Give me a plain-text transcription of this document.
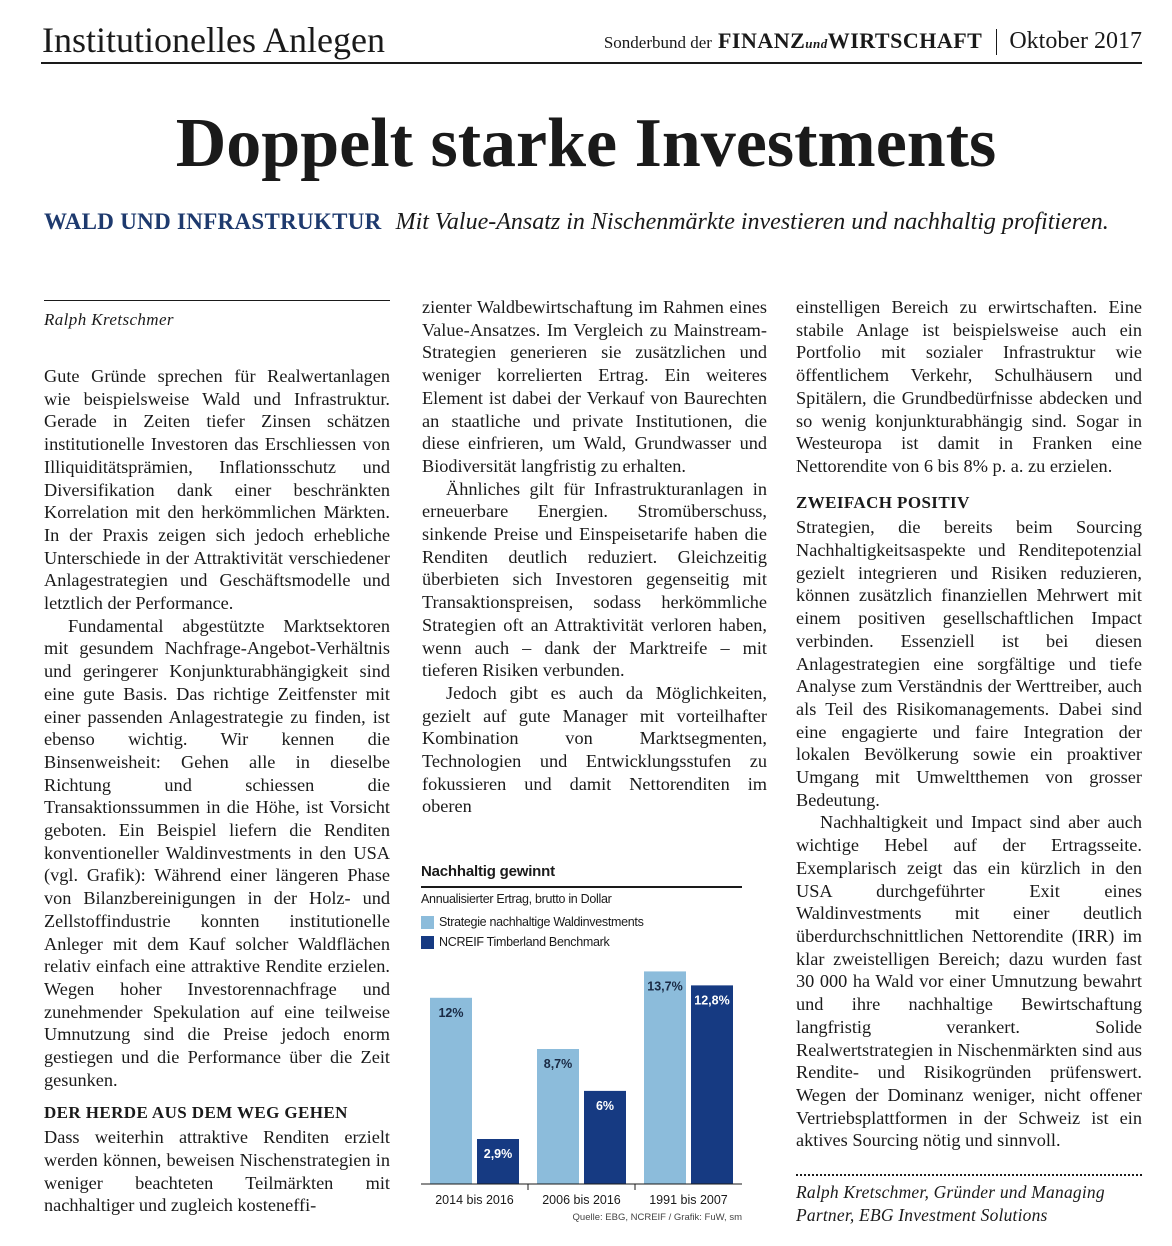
Institutionelles Anlegen	Sonderbund der FINANZundWIRTSCHAFT Oktober 2017
Doppelt starke Investments
WALD UND INFRASTRUKTUR Mit Value-Ansatz in Nischenmärkte investieren und nachhaltig profitieren.
Ralph Kretschmer

Gute Gründe sprechen für Realwertanlagen wie beispielsweise Wald und Infrastruktur. Gerade in Zeiten tiefer Zinsen schätzen institutionelle Investoren das Erschliessen von Illiquiditätsprämien, Inflationsschutz und Diversifikation dank einer beschränkten Korrelation mit den herkömmlichen Märkten. In der Praxis zeigen sich jedoch erhebliche Unterschiede in der Attraktivität verschiedener Anlagestrategien und Geschäftsmodelle und letztlich der Performance.

Fundamental abgestützte Marktsektoren mit gesundem Nachfrage-Angebot-Verhältnis und geringerer Konjunkturabhängigkeit sind eine gute Basis. Das richtige Zeitfenster mit einer passenden Anlagestrategie zu finden, ist ebenso wichtig. Wir kennen die Binsenweisheit: Gehen alle in dieselbe Richtung und schiessen die Transaktionssummen in die Höhe, ist Vorsicht geboten. Ein Beispiel liefern die Renditen konventioneller Waldinvestments in den USA (vgl. Grafik): Während einer längeren Phase von Bilanzbereinigungen in der Holz- und Zellstoffindustrie konnten institutionelle Anleger mit dem Kauf solcher Waldflächen relativ einfach eine attraktive Rendite erzielen. Wegen hoher Investorennachfrage und zunehmender Spekulation auf eine teilweise Umnutzung sind die Preise jedoch enorm gestiegen und die Performance über die Zeit gesunken.

DER HERDE AUS DEM WEG GEHEN

Dass weiterhin attraktive Renditen erzielt werden können, beweisen Nischenstrategien in weniger beachteten Teilmärkten mit nachhaltiger und zugleich kosteneffi-

zienter Waldbewirtschaftung im Rahmen eines Value-Ansatzes. Im Vergleich zu Mainstream-Strategien generieren sie zusätzlichen und weniger korrelierten Ertrag. Ein weiteres Element ist dabei der Verkauf von Baurechten an staatliche und private Institutionen, die diese einfrieren, um Wald, Grundwasser und Biodiversität langfristig zu erhalten.

Ähnliches gilt für Infrastrukturanlagen in erneuerbare Energien. Stromüberschuss, sinkende Preise und Einspeisetarife haben die Renditen deutlich reduziert. Gleichzeitig überbieten sich Investoren gegenseitig mit Transaktionspreisen, sodass herkömmliche Strategien oft an Attraktivität verloren haben, wenn auch – dank der Marktreife – mit tieferen Risiken verbunden.

Jedoch gibt es auch da Möglichkeiten, gezielt auf gute Manager mit vorteilhafter Kombination von Marktsegmenten, Technologien und Entwicklungsstufen zu fokussieren und damit Nettorenditen im oberen

einstelligen Bereich zu erwirtschaften. Eine stabile Anlage ist beispielsweise auch ein Portfolio mit sozialer Infrastruktur wie öffentlichem Verkehr, Schulhäusern und Spitälern, die Grundbedürfnisse abdecken und so wenig konjunkturabhängig sind. Sogar in Westeuropa ist damit in Franken eine Nettorendite von 6 bis 8% p. a. zu erzielen.

ZWEIFACH POSITIV

Strategien, die bereits beim Sourcing Nachhaltigkeitsaspekte und Renditepotenzial gezielt integrieren und Risiken reduzieren, können zusätzlich finanziellen Mehrwert mit einem positiven gesellschaftlichen Impact verbinden. Essenziell ist bei diesen Anlagestrategien eine sorgfältige und tiefe Analyse zum Verständnis der Werttreiber, auch als Teil des Risikomanagements. Dabei sind eine engagierte und faire Integration der lokalen Bevölkerung sowie ein proaktiver Umgang mit Umweltthemen von grosser Bedeutung.

Nachhaltigkeit und Impact sind aber auch wichtige Hebel auf der Ertragsseite. Exemplarisch zeigt das ein kürzlich in den USA durchgeführter Exit eines Waldinvestments mit einer deutlich überdurchschnittlichen Nettorendite (IRR) im klar zweistelligen Bereich; dazu wurden fast 30 000 ha Wald vor einer Umnutzung bewahrt und ihre nachhaltige Bewirtschaftung langfristig verankert. Solide Realwertstrategien in Nischenmärkten sind aus Rendite- und Risikogründen prüfenswert. Wegen der Dominanz weniger, nicht offener Vertriebsplattformen in der Schweiz ist ein aktives Sourcing nötig und sinnvoll.

Nachhaltig gewinnt
Annualisierter Ertrag, brutto in Dollar
Strategie nachhaltige Waldinvestments
NCREIF Timberland Benchmark
12%
2,9%
2014 bis 2016
8,7%
6%
2006 bis 2016
13,7%
12,8%
1991 bis 2007
Quelle: EBG, NCREIF / Grafik: FuW, sm
Ralph Kretschmer, Gründer und Managing Partner, EBG Investment Solutions
